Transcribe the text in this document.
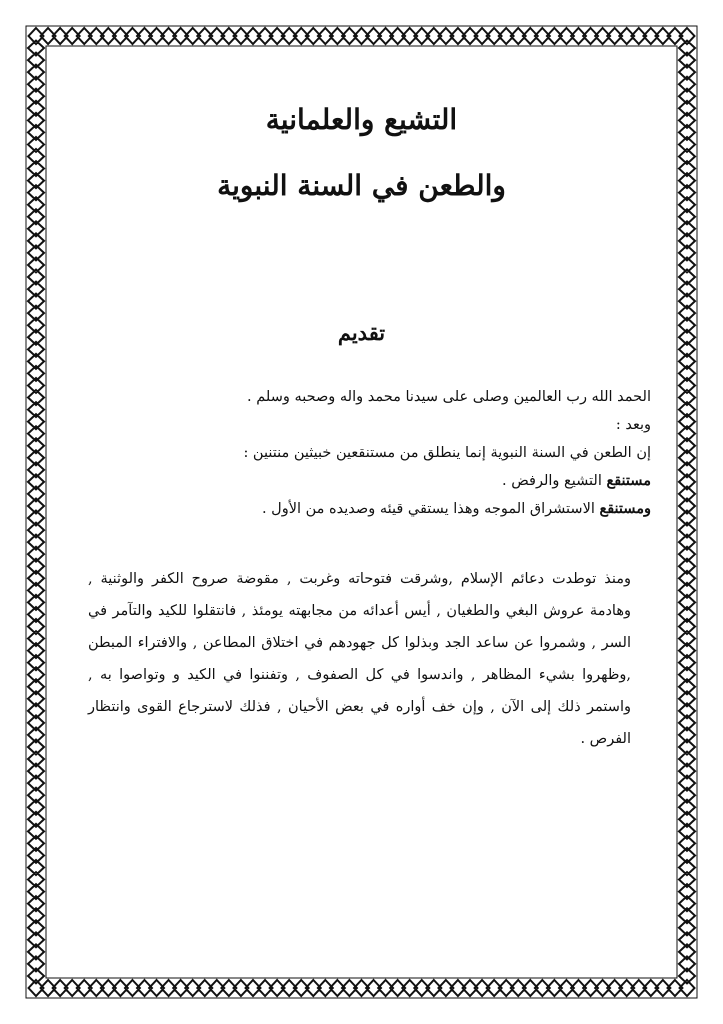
التشيع والعلمانية
والطعن في السنة النبوية
تقديم

الحمد الله رب العالمين وصلى على سيدنا محمد واله وصحبه وسلم .

وبعد :

إن الطعن في السنة النبوية إنما ينطلق من مستنقعين خبيثين منتنين :

مستنقع التشيع والرفض .

ومستنقع الاستشراق الموجه وهذا يستقي قيئه وصديده من الأول .

ومنذ توطدت دعائم الإسلام ,وشرقت فتوحاته وغربت , مقوضة صروح الكفر والوثنية , وهادمة عروش البغي والطغيان , أيس أعدائه من مجابهته يومئذ , فانتقلوا للكيد والتآمر في السر , وشمروا عن ساعد الجد وبذلوا كل جهودهم في اختلاق المطاعن , والافتراء المبطن ,وظهروا بشيء المظاهر , واندسوا في كل الصفوف , وتفننوا في الكيد و وتواصوا به , واستمر ذلك إلى الآن , وإن خف أواره في بعض الأحيان , فذلك لاسترجاع القوى وانتظار الفرص .
